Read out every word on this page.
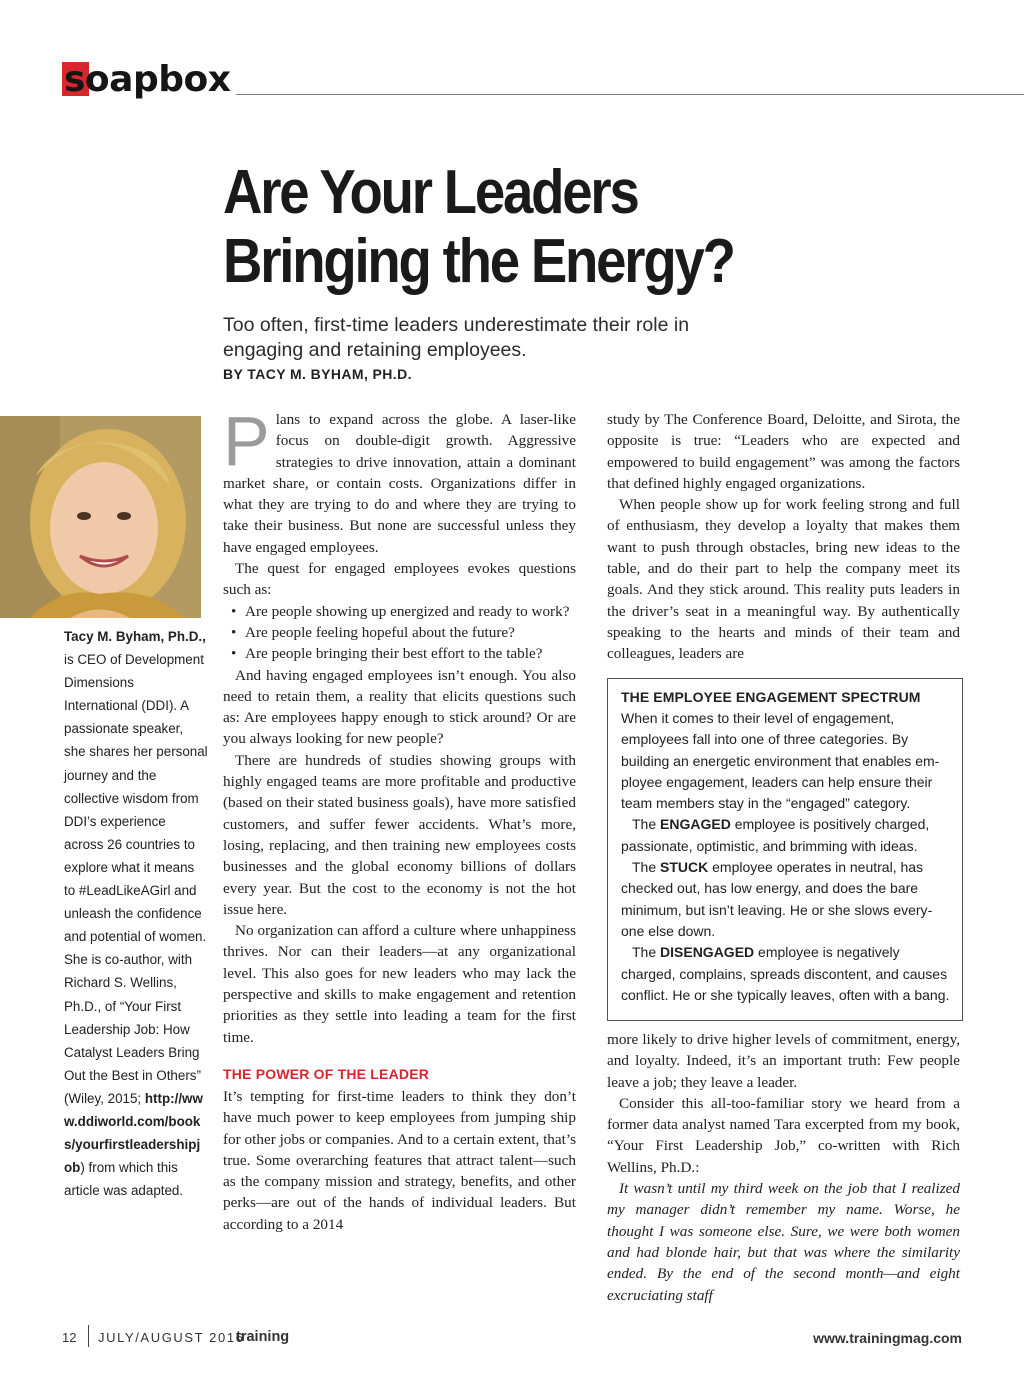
soapbox
Are Your Leaders
Bringing the Energy?

Too often, first-time leaders underestimate their role in engaging and retaining employees.

BY TACY M. BYHAM, PH.D.

Tacy M. Byham, Ph.D., is CEO of Development Dimensions International (DDI). A passionate speaker, she shares her personal journey and the collective wisdom from DDI’s experience across 26 countries to explore what it means to #LeadLikeAGirl and unleash the confidence and potential of women. She is co-author, with Richard S. Wellins, Ph.D., of “Your First Leadership Job: How Catalyst Leaders Bring Out the Best in Others” (Wiley, 2015; http://www.ddiworld.com/books/yourfirstleadershipjob) from which this article was adapted.

Plans to expand across the globe. A laser-like focus on double-digit growth. Aggressive strategies to drive innovation, attain a dominant market share, or contain costs. Organizations differ in what they are trying to do and where they are trying to take their business. But none are successful unless they have engaged employees.

The quest for engaged employees evokes questions such as:

• Are people showing up energized and ready to work?
• Are people feeling hopeful about the future?
• Are people bringing their best effort to the table?

And having engaged employees isn’t enough. You also need to retain them, a reality that elicits questions such as: Are employees happy enough to stick around? Or are you always looking for new people?

There are hundreds of studies showing groups with highly engaged teams are more profitable and productive (based on their stated business goals), have more satisfied customers, and suffer fewer accidents. What’s more, losing, replacing, and then training new employees costs businesses and the global economy billions of dollars every year. But the cost to the economy is not the hot issue here.

No organization can afford a culture where unhappiness thrives. Nor can their leaders—at any organizational level. This also goes for new leaders who may lack the perspective and skills to make engagement and retention priorities as they settle into leading a team for the first time.

THE POWER OF THE LEADER

It’s tempting for first-time leaders to think they don’t have much power to keep employees from jumping ship for other jobs or companies. And to a certain extent, that’s true. Some overarching features that attract talent—such as the company mission and strategy, benefits, and other perks—are out of the hands of individual leaders. But according to a 2014

study by The Conference Board, Deloitte, and Sirota, the opposite is true: “Leaders who are expected and empowered to build engagement” was among the factors that defined highly engaged organizations.

When people show up for work feeling strong and full of enthusiasm, they develop a loyalty that makes them want to push through obstacles, bring new ideas to the table, and do their part to help the company meet its goals. And they stick around. This reality puts leaders in the driver’s seat in a meaningful way. By authentically speaking to the hearts and minds of their team and colleagues, leaders are

THE EMPLOYEE ENGAGEMENT SPECTRUM

When it comes to their level of engagement, employees fall into one of three categories. By building an energetic environment that enables employee engagement, leaders can help ensure their team members stay in the “engaged” category.

The ENGAGED employee is positively charged, passionate, optimistic, and brimming with ideas.

The STUCK employee operates in neutral, has checked out, has low energy, and does the bare minimum, but isn’t leaving. He or she slows everyone else down.

The DISENGAGED employee is negatively charged, complains, spreads discontent, and causes conflict. He or she typically leaves, often with a bang.

more likely to drive higher levels of commitment, energy, and loyalty. Indeed, it’s an important truth: Few people leave a job; they leave a leader.

Consider this all-too-familiar story we heard from a former data analyst named Tara excerpted from my book, “Your First Leadership Job,” co-written with Rich Wellins, Ph.D.:

It wasn’t until my third week on the job that I realized my manager didn’t remember my name. Worse, he thought I was someone else. Sure, we were both women and had blonde hair, but that was where the similarity ended. By the end of the second month—and eight excruciating staff

12 JULY/AUGUST 2016
training	www.trainingmag.com
